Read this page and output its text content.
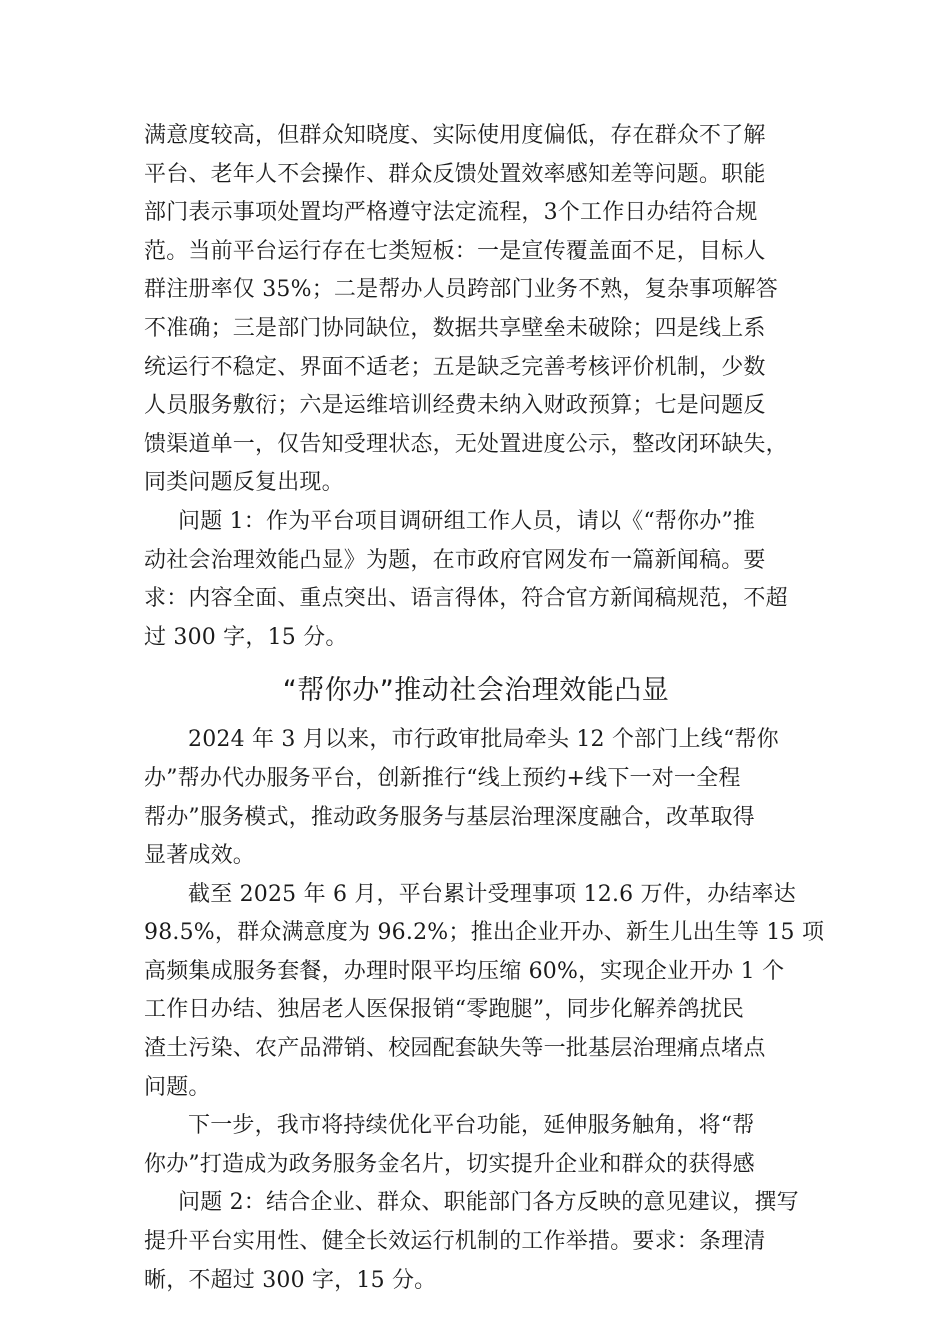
满意度较高，但群众知晓度、实际使用度偏低，存在群众不了解
平台、老年人不会操作、群众反馈处置效率感知差等问题。职能
部门表示事项处置均严格遵守法定流程，3个工作日办结符合规
范。当前平台运行存在七类短板：一是宣传覆盖面不足，目标人
群注册率仅 35%；二是帮办人员跨部门业务不熟，复杂事项解答
不准确；三是部门协同缺位，数据共享壁垒未破除；四是线上系
统运行不稳定、界面不适老；五是缺乏完善考核评价机制，少数
人员服务敷衍；六是运维培训经费未纳入财政预算；七是问题反
馈渠道单一，仅告知受理状态，无处置进度公示，整改闭环缺失，
同类问题反复出现。
问题 1：作为平台项目调研组工作人员，请以《“帮你办”推
动社会治理效能凸显》为题，在市政府官网发布一篇新闻稿。要
求：内容全面、重点突出、语言得体，符合官方新闻稿规范，不超
过 300 字，15 分。
“帮你办”推动社会治理效能凸显
2024 年 3 月以来，市行政审批局牵头 12 个部门上线“帮你
办”帮办代办服务平台，创新推行“线上预约+线下一对一全程
帮办”服务模式，推动政务服务与基层治理深度融合，改革取得
显著成效。
截至 2025 年 6 月，平台累计受理事项 12.6 万件，办结率达
98.5%，群众满意度为 96.2%；推出企业开办、新生儿出生等 15 项
高频集成服务套餐，办理时限平均压缩 60%，实现企业开办 1 个
工作日办结、独居老人医保报销“零跑腿”，同步化解养鸽扰民
渣土污染、农产品滞销、校园配套缺失等一批基层治理痛点堵点
问题。
下一步，我市将持续优化平台功能，延伸服务触角，将“帮
你办”打造成为政务服务金名片，切实提升企业和群众的获得感
问题 2：结合企业、群众、职能部门各方反映的意见建议，撰写
提升平台实用性、健全长效运行机制的工作举措。要求：条理清
晰，不超过 300 字，15 分。
